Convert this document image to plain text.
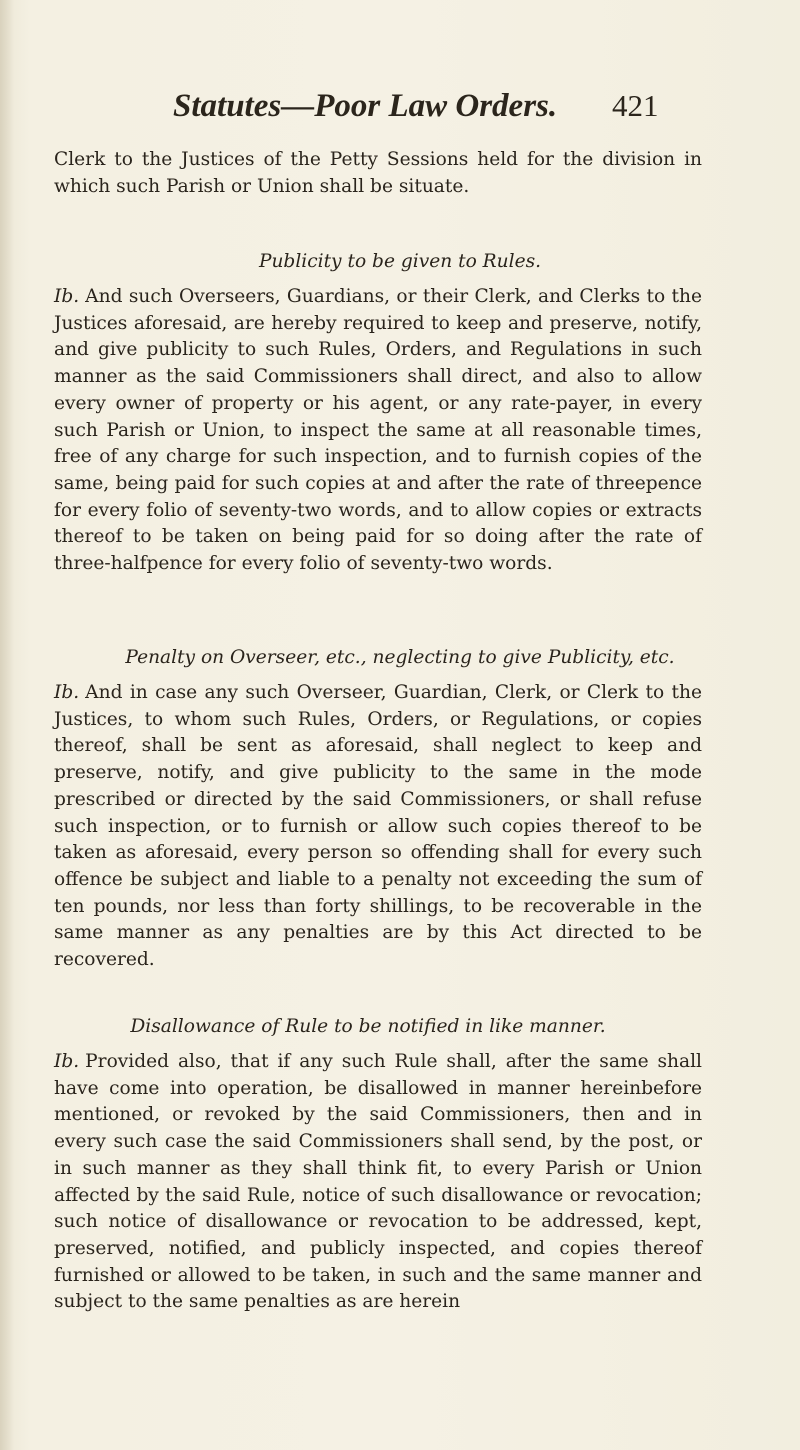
Statutes—Poor Law Orders. 421

Clerk to the Justices of the Petty Sessions held for the division in which such Parish or Union shall be situate.

Publicity to be given to Rules.

Ib. And such Overseers, Guardians, or their Clerk, and Clerks to the Justices aforesaid, are hereby required to keep and preserve, notify, and give publicity to such Rules, Orders, and Regulations in such manner as the said Commissioners shall direct, and also to allow every owner of property or his agent, or any rate-payer, in every such Parish or Union, to inspect the same at all reasonable times, free of any charge for such inspection, and to furnish copies of the same, being paid for such copies at and after the rate of threepence for every folio of seventy-two words, and to allow copies or extracts thereof to be taken on being paid for so doing after the rate of three-halfpence for every folio of seventy-two words.

Penalty on Overseer, etc., neglecting to give Publicity, etc.

Ib. And in case any such Overseer, Guardian, Clerk, or Clerk to the Justices, to whom such Rules, Orders, or Regulations, or copies thereof, shall be sent as aforesaid, shall neglect to keep and preserve, notify, and give publicity to the same in the mode prescribed or directed by the said Commissioners, or shall refuse such inspection, or to furnish or allow such copies thereof to be taken as aforesaid, every person so offending shall for every such offence be subject and liable to a penalty not exceeding the sum of ten pounds, nor less than forty shillings, to be recoverable in the same manner as any penalties are by this Act directed to be recovered.

Disallowance of Rule to be notified in like manner.

Ib. Provided also, that if any such Rule shall, after the same shall have come into operation, be disallowed in manner hereinbefore mentioned, or revoked by the said Commissioners, then and in every such case the said Commissioners shall send, by the post, or in such manner as they shall think fit, to every Parish or Union affected by the said Rule, notice of such disallowance or revocation; such notice of disallowance or revocation to be addressed, kept, preserved, notified, and publicly inspected, and copies thereof furnished or allowed to be taken, in such and the same manner and subject to the same penalties as are herein
